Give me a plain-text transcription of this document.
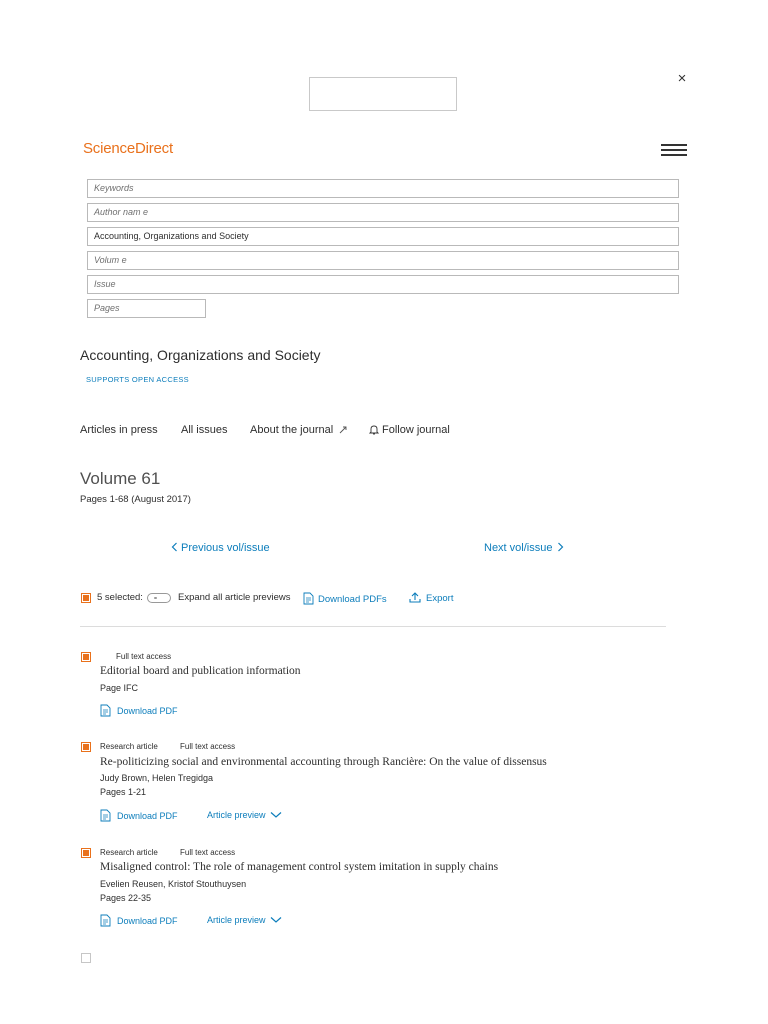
×
ScienceDirect
Keywords
Author nam e
Accounting, Organizations and Society
Volum e
Issue
Pages
Accounting, Organizations and Society
SUPPORTS OPEN ACCESS
Articles in press All issues About the journal	Follow journal
Volume 61
Pages 1-68 (August 2017)
Previous vol/issue	Next vol/issue
5 selected:	Expand all article previews	Download PDFs	Export
Full text access
Editorial board and publication information
Page IFC
Download PDF
Research article	Full text access
Re-politicizing social and environmental accounting through Rancière: On the value of dissensus
Judy Brown, Helen Tregidga
Pages 1-21
Download PDF	Article preview
Research article	Full text access
Misaligned control: The role of management control system imitation in supply chains
Evelien Reusen, Kristof Stouthuysen
Pages 22-35
Download PDF	Article preview
